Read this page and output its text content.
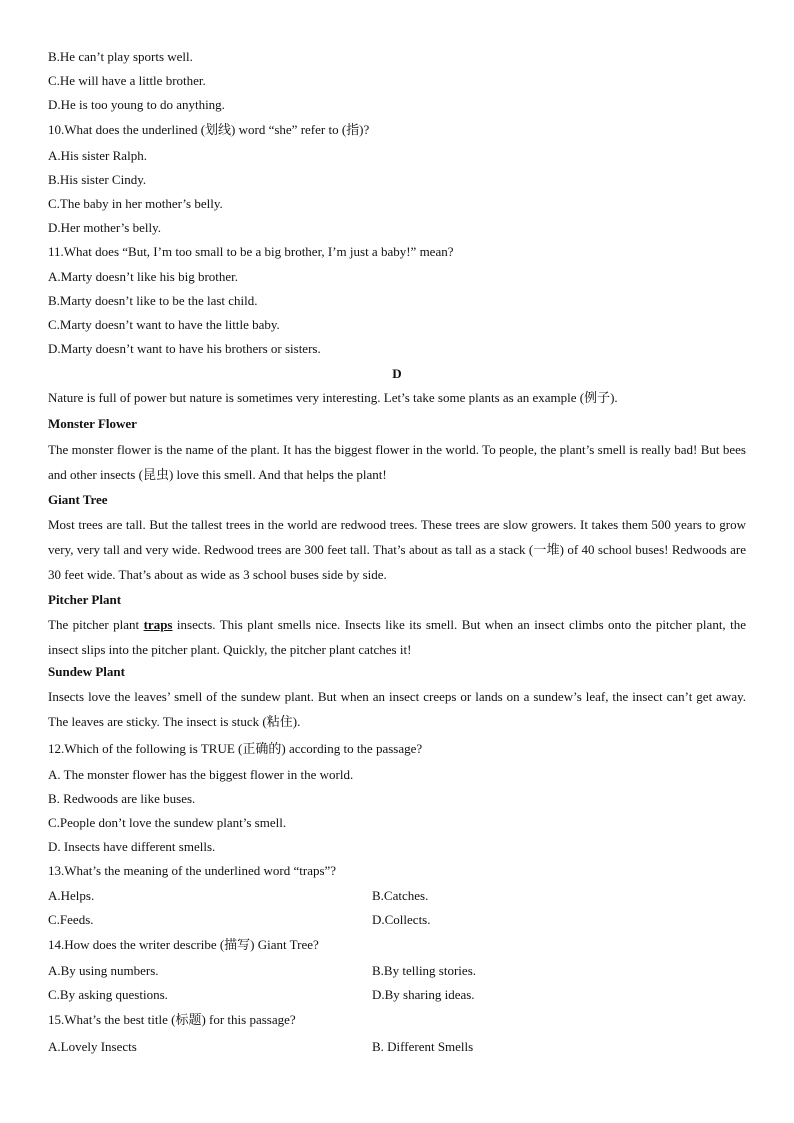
B.He can’t play sports well.
C.He will have a little brother.
D.He is too young to do anything.
10.What does the underlined (划线) word “she” refer to (指)?
A.His sister Ralph.
B.His sister Cindy.
C.The baby in her mother’s belly.
D.Her mother’s belly.
11.What does “But, I’m too small to be a big brother, I’m just a baby!” mean?
A.Marty doesn’t like his big brother.
B.Marty doesn’t like to be the last child.
C.Marty doesn’t want to have the little baby.
D.Marty doesn’t want to have his brothers or sisters.
D
Nature is full of power but nature is sometimes very interesting. Let’s take some plants as an example (例子).
Monster Flower
The monster flower is the name of the plant. It has the biggest flower in the world. To people, the plant’s smell is really bad! But bees and other insects (昆虫) love this smell. And that helps the plant!
Giant Tree
Most trees are tall. But the tallest trees in the world are redwood trees. These trees are slow growers. It takes them 500 years to grow very, very tall and very wide. Redwood trees are 300 feet tall. That’s about as tall as a stack (一堆) of 40 school buses! Redwoods are 30 feet wide. That’s about as wide as 3 school buses side by side.
Pitcher Plant
The pitcher plant traps insects. This plant smells nice. Insects like its smell. But when an insect climbs onto the pitcher plant, the insect slips into the pitcher plant. Quickly, the pitcher plant catches it!
Sundew Plant
Insects love the leaves’ smell of the sundew plant. But when an insect creeps or lands on a sundew’s leaf, the insect can’t get away. The leaves are sticky. The insect is stuck (粘住).
12.Which of the following is TRUE (正确的) according to the passage?
A. The monster flower has the biggest flower in the world.
B. Redwoods are like buses.
C.People don’t love the sundew plant’s smell.
D. Insects have different smells.
13.What’s the meaning of the underlined word “traps”?
A.Helps.	B.Catches.
C.Feeds.	D.Collects.
14.How does the writer describe (描写) Giant Tree?
A.By using numbers.	B.By telling stories.
C.By asking questions.	D.By sharing ideas.
15.What’s the best title (标题) for this passage?
A.Lovely Insects	B. Different Smells
